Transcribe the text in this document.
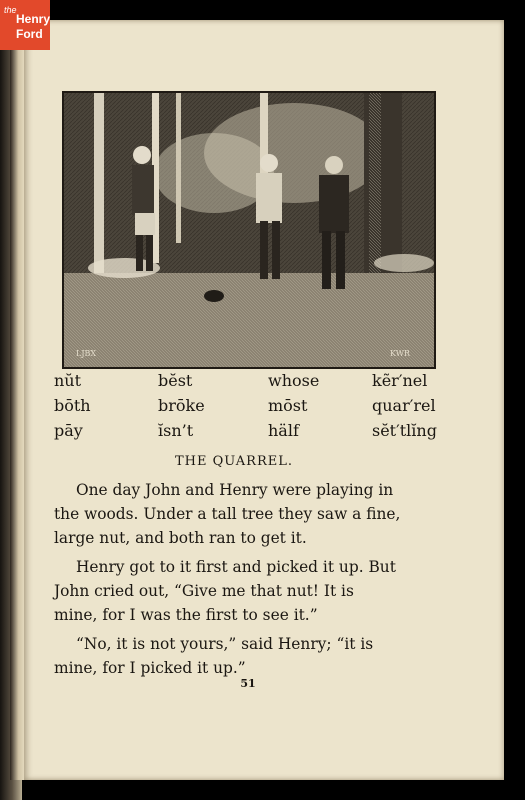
the
Henry
Ford
LJBX	KWR
nŭt	bĕst	whose	kẽr′nel
bōth	brōke	mōst	quar′rel
pāy	ĭsn’t	hälf	sĕt′tlĭng
THE QUARREL.
One day John and Henry were playing in
the woods. Under a tall tree they saw a fine,
large nut, and both ran to get it.
Henry got to it first and picked it up. But
John cried out, “Give me that nut! It is
mine, for I was the first to see it.”
“No, it is not yours,” said Henry; “it is
mine, for I picked it up.”
51
